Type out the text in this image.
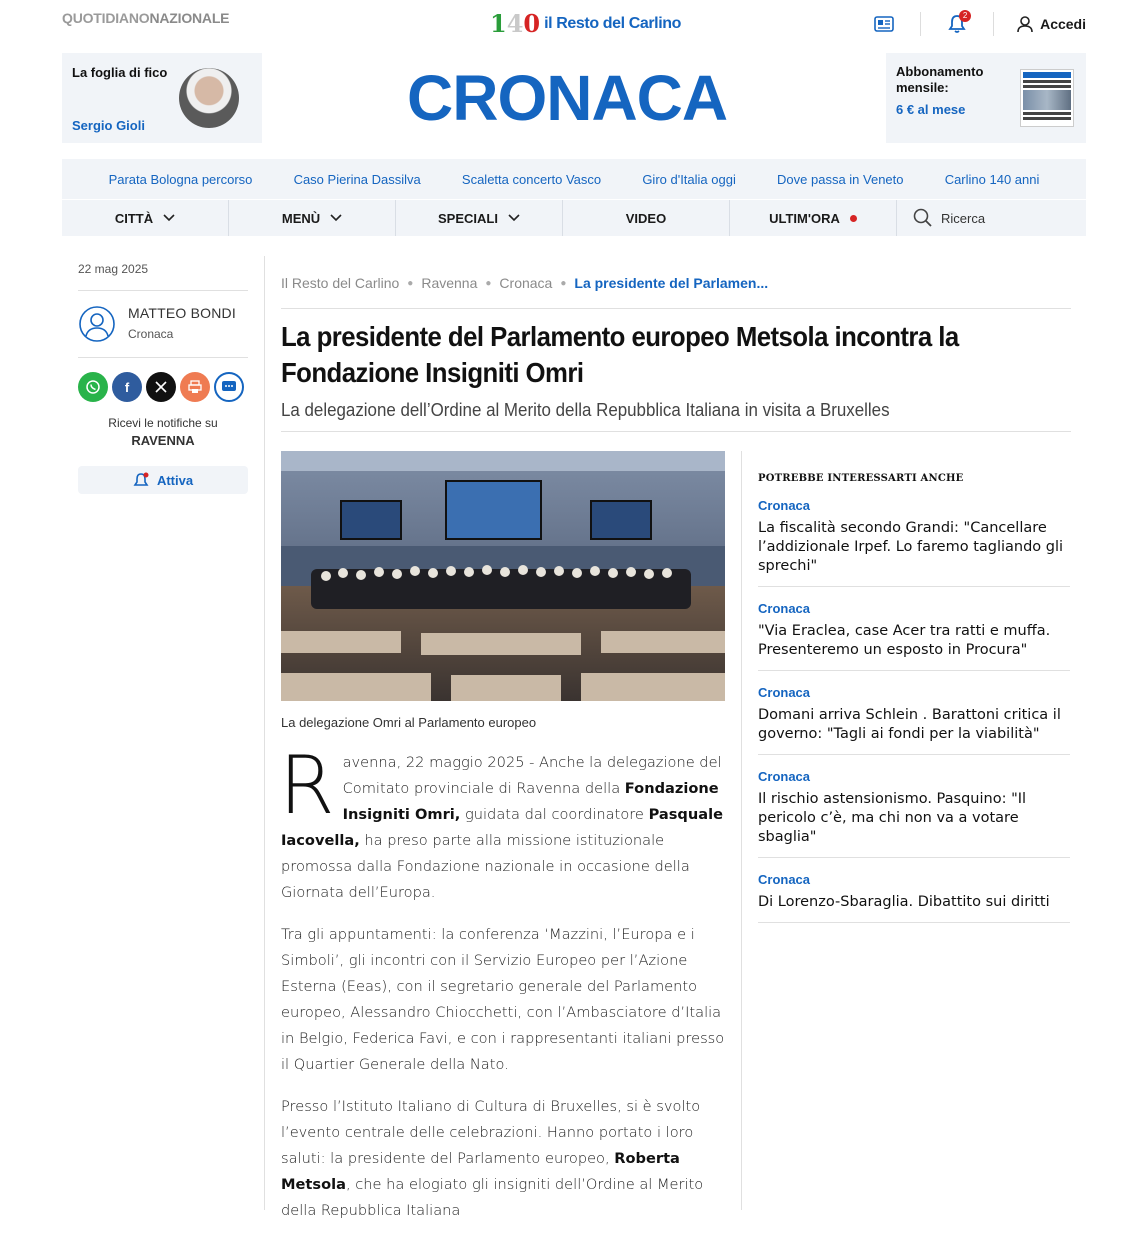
QUOTIDIANONAZIONALE	140 il Resto del Carlino	2
Accedi
La foglia di fico
Sergio Gioli	CRONACA	Abbonamento mensile:
6 € al mese
Parata Bologna percorso	Caso Pierina Dassilva	Scaletta concerto Vasco	Giro d'Italia oggi	Dove passa in Veneto	Carlino 140 anni
CITTÀ	MENÙ	SPECIALI	VIDEO	ULTIM'ORA	Ricerca
22 mag 2025
MATTEO BONDI
Cronaca
f
Ricevi le notifiche su
RAVENNA
Attiva
Il Resto del Carlino ● Ravenna ● Cronaca ● La presidente del Parlamen...
La presidente del Parlamento europeo Metsola incontra la Fondazione Insigniti Omri
La delegazione dell’Ordine al Merito della Repubblica Italiana in visita a Bruxelles
La delegazione Omri al Parlamento europeo

Ravenna, 22 maggio 2025 - Anche la delegazione del Comitato provinciale di Ravenna della Fondazione Insigniti Omri, guidata dal coordinatore Pasquale Iacovella, ha preso parte alla missione istituzionale promossa dalla Fondazione nazionale in occasione della Giornata dell’Europa.

Tra gli appuntamenti: la conferenza ‘Mazzini, l’Europa e i Simboli’, gli incontri con il Servizio Europeo per l’Azione Esterna (Eeas), con il segretario generale del Parlamento europeo, Alessandro Chiocchetti, con l’Ambasciatore d’Italia in Belgio, Federica Favi, e con i rappresentanti italiani presso il Quartier Generale della Nato.

Presso l’Istituto Italiano di Cultura di Bruxelles, si è svolto l’evento centrale delle celebrazioni. Hanno portato i loro saluti: la presidente del Parlamento europeo, Roberta Metsola, che ha elogiato gli insigniti dell’Ordine al Merito della Repubblica Italiana

POTREBBE INTERESSARTI ANCHE
Cronaca
La fiscalità secondo Grandi: "Cancellare l’addizionale Irpef. Lo faremo tagliando gli sprechi"
Cronaca
"Via Eraclea, case Acer tra ratti e muffa. Presenteremo un esposto in Procura"
Cronaca
Domani arriva Schlein . Barattoni critica il governo: "Tagli ai fondi per la viabilità"
Cronaca
Il rischio astensionismo. Pasquino: "Il pericolo c’è, ma chi non va a votare sbaglia"
Cronaca
Di Lorenzo-Sbaraglia. Dibattito sui diritti
